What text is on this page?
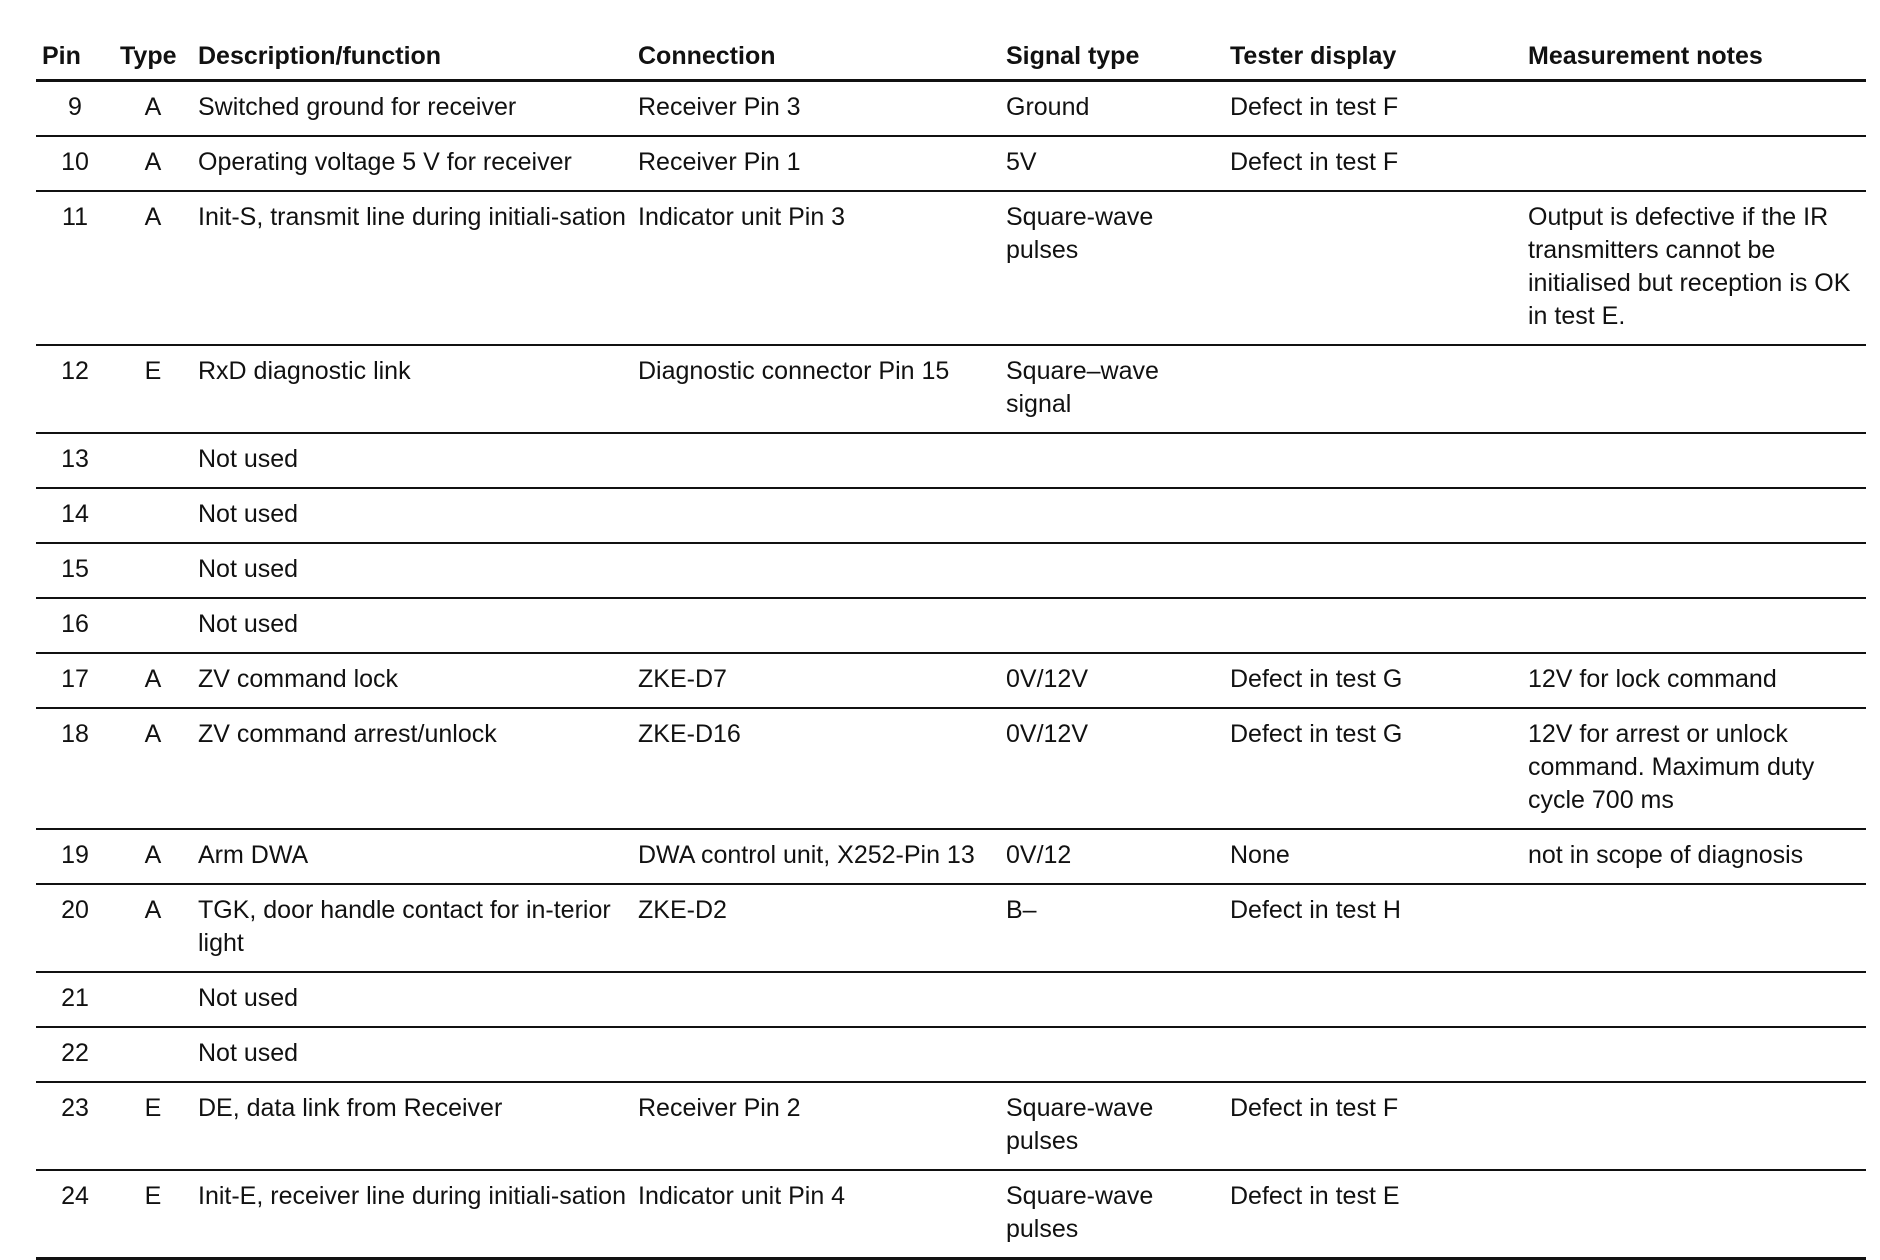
Pin	Type	Description/function	Connection	Signal type	Tester display	Measurement notes
9	A	Switched ground for receiver	Receiver Pin 3	Ground	Defect in test F	
10	A	Operating voltage 5 V for receiver	Receiver Pin 1	5V	Defect in test F	
11	A	Init-S, transmit line during initiali-sation	Indicator unit Pin 3	Square-wave pulses		Output is defective if the IR transmitters cannot be initialised but reception is OK in test E.
12	E	RxD diagnostic link	Diagnostic connector Pin 15	Square–wave signal		
13		Not used				
14		Not used				
15		Not used				
16		Not used				
17	A	ZV command lock	ZKE-D7	0V/12V	Defect in test G	12V for lock command
18	A	ZV command arrest/unlock	ZKE-D16	0V/12V	Defect in test G	12V for arrest or unlock command. Maximum duty cycle 700 ms
19	A	Arm DWA	DWA control unit, X252-Pin 13	0V/12	None	not in scope of diagnosis
20	A	TGK, door handle contact for in-terior light	ZKE-D2	B–	Defect in test H	
21		Not used				
22		Not used				
23	E	DE, data link from Receiver	Receiver Pin 2	Square-wave pulses	Defect in test F	
24	E	Init-E, receiver line during initiali-sation	Indicator unit Pin 4	Square-wave pulses	Defect in test E	
